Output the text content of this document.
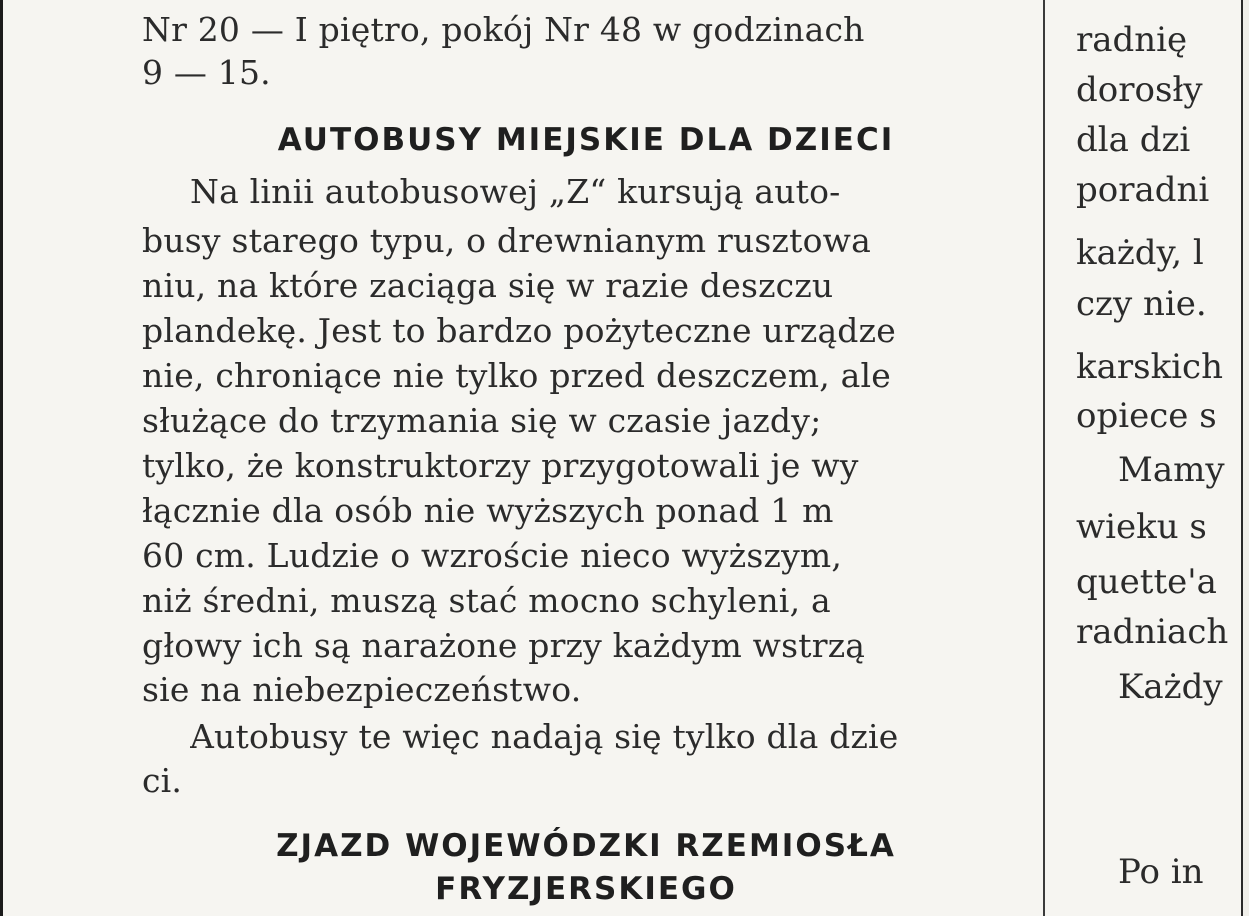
Nr 20 — I piętro, pokój Nr 48 w godzinach
9 — 15.
AUTOBUSY MIEJSKIE DLA DZIECI
Na linii autobusowej „Z“ kursują auto-
busy starego typu, o drewnianym rusztowa
niu, na które zaciąga się w razie deszczu
plandekę. Jest to bardzo pożyteczne urządze
nie, chroniące nie tylko przed deszczem, ale
służące do trzymania się w czasie jazdy;
tylko, że konstruktorzy przygotowali je wy
łącznie dla osób nie wyższych ponad 1 m
60 cm. Ludzie o wzroście nieco wyższym,
niż średni, muszą stać mocno schyleni, a
głowy ich są narażone przy każdym wstrzą
sie na niebezpieczeństwo.
Autobusy te więc nadają się tylko dla dzie
ci.
ZJAZD WOJEWÓDZKI RZEMIOSŁA
FRYZJERSKIEGO
radnię
dorosły
dla dzi
poradni
każdy, l
czy nie.
karskich
opiece s
Mamy
wieku s
quette'a
radniach
Każdy
Po in
